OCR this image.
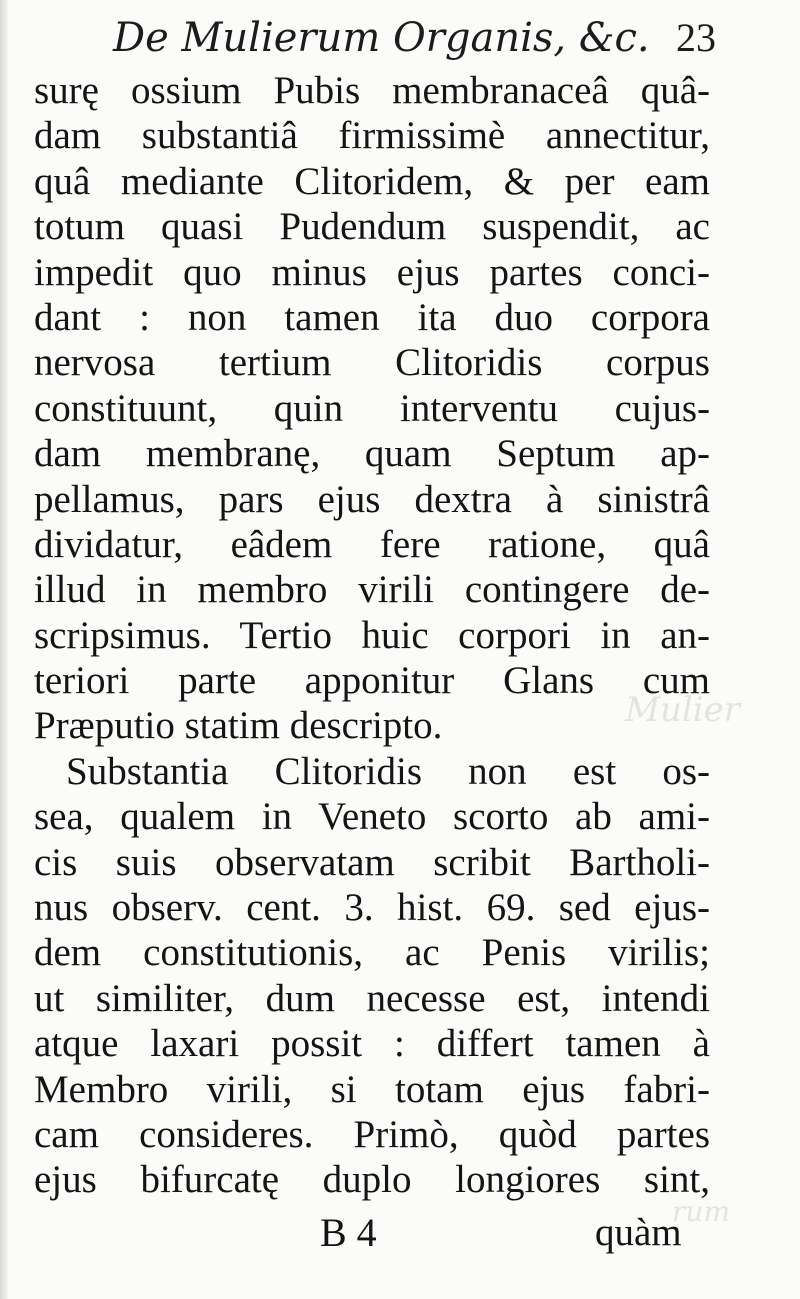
Mulier
rum
De Mulierum Organis, &c. 23
surę ossium Pubis membranaceâ quâ-
dam substantiâ firmissimè annectitur,
quâ mediante Clitoridem, & per eam
totum quasi Pudendum suspendit, ac
impedit quo minus ejus partes conci-
dant : non tamen ita duo corpora
nervosa tertium Clitoridis corpus
constituunt, quin interventu cujus-
dam membranę, quam Septum ap-
pellamus, pars ejus dextra à sinistrâ
dividatur, eâdem fere ratione, quâ
illud in membro virili contingere de-
scripsimus. Tertio huic corpori in an-
teriori parte apponitur Glans cum
Præputio statim descripto.
Substantia Clitoridis non est os-
sea, qualem in Veneto scorto ab ami-
cis suis observatam scribit Bartholi-
nus observ. cent. 3. hist. 69. sed ejus-
dem constitutionis, ac Penis virilis;
ut similiter, dum necesse est, intendi
atque laxari possit : differt tamen à
Membro virili, si totam ejus fabri-
cam consideres. Primò, quòd partes
ejus bifurcatę duplo longiores sint,
B 4	quàm
